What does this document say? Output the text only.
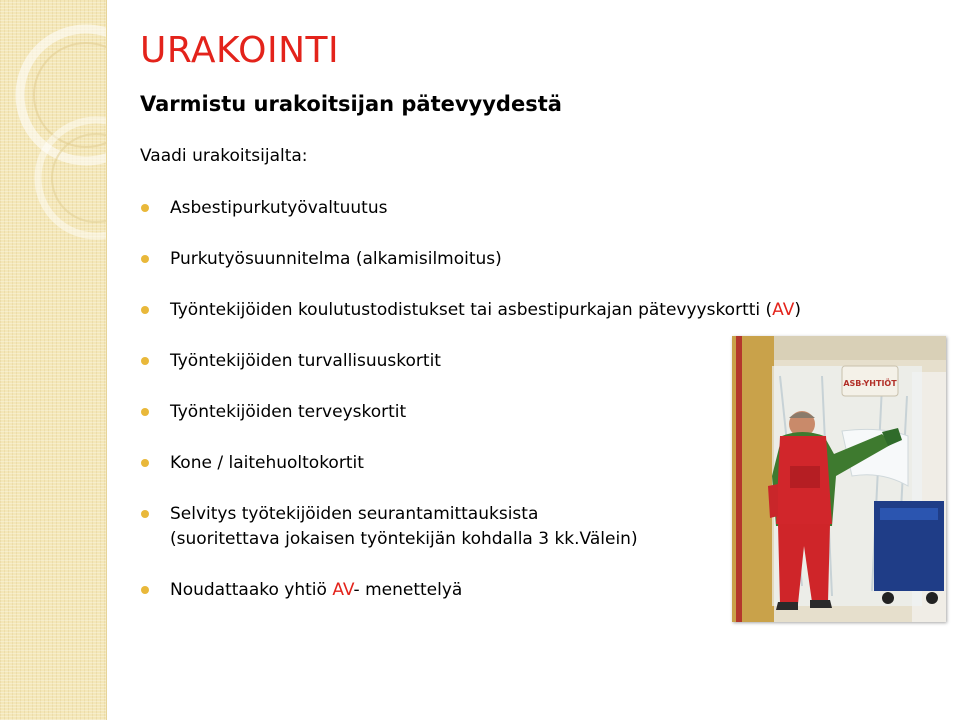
URAKOINTI
Varmistu urakoitsijan pätevyydestä

Vaadi urakoitsijalta:

Asbestipurkutyövaltuutus
Purkutyösuunnitelma (alkamisilmoitus)
Työntekijöiden koulutustodistukset tai asbestipurkajan pätevyyskortti (AV)
Työntekijöiden turvallisuuskortit
Työntekijöiden terveyskortit
Kone / laitehuoltokortit
Selvitys työtekijöiden seurantamittauksista
(suoritettava jokaisen työntekijän kohdalla 3 kk.Välein)
Noudattaako yhtiö AV- menettelyä
ASB-YHTIÖT
